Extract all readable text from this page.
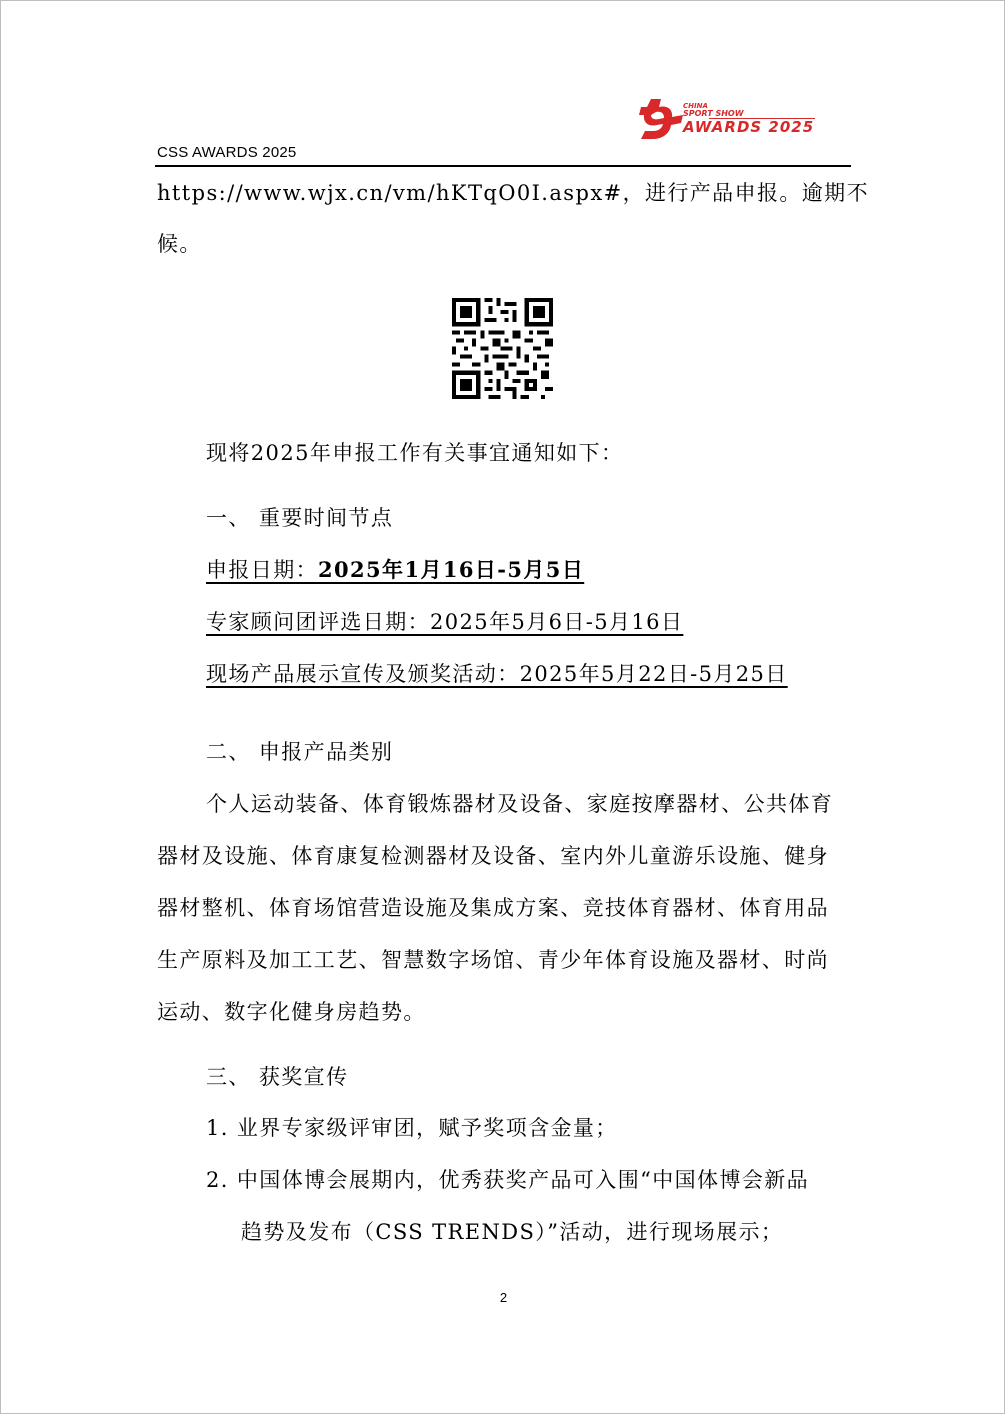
CSS AWARDS 2025
CHINA
SPORT SHOW
AWARDS 2025
https://www.wjx.cn/vm/hKTqO0I.aspx#，进行产品申报。逾期不
候。
现将2025年申报工作有关事宜通知如下：
一、 重要时间节点
申报日期：2025年1月16日-5月5日
专家顾问团评选日期：2025年5月6日-5月16日
现场产品展示宣传及颁奖活动：2025年5月22日-5月25日
二、 申报产品类别
个人运动装备、体育锻炼器材及设备、家庭按摩器材、公共体育
器材及设施、体育康复检测器材及设备、室内外儿童游乐设施、健身
器材整机、体育场馆营造设施及集成方案、竞技体育器材、体育用品
生产原料及加工工艺、智慧数字场馆、青少年体育设施及器材、时尚
运动、数字化健身房趋势。
三、 获奖宣传
1. 业界专家级评审团，赋予奖项含金量；
2. 中国体博会展期内，优秀获奖产品可入围“中国体博会新品
趋势及发布（CSS TRENDS）”活动，进行现场展示；
2
